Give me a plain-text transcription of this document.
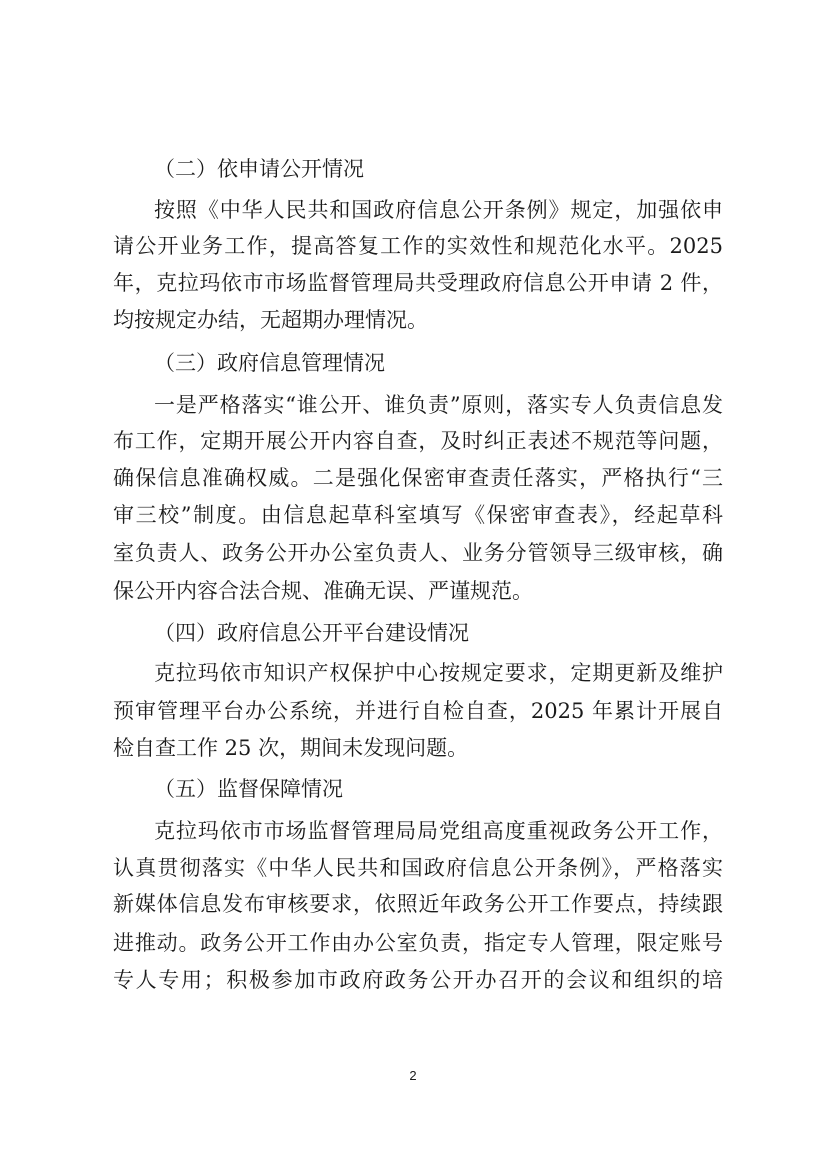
（二）依申请公开情况
按照《中华人民共和国政府信息公开条例》规定，加强依申
请公开业务工作，提高答复工作的实效性和规范化水平。2025
年，克拉玛依市市场监督管理局共受理政府信息公开申请 2 件，
均按规定办结，无超期办理情况。
（三）政府信息管理情况
一是严格落实“谁公开、谁负责”原则，落实专人负责信息发
布工作，定期开展公开内容自查，及时纠正表述不规范等问题，
确保信息准确权威。二是强化保密审查责任落实，严格执行“三
审三校”制度。由信息起草科室填写《保密审查表》，经起草科
室负责人、政务公开办公室负责人、业务分管领导三级审核，确
保公开内容合法合规、准确无误、严谨规范。
（四）政府信息公开平台建设情况
克拉玛依市知识产权保护中心按规定要求，定期更新及维护
预审管理平台办公系统，并进行自检自查，2025 年累计开展自
检自查工作 25 次，期间未发现问题。
（五）监督保障情况
克拉玛依市市场监督管理局局党组高度重视政务公开工作，
认真贯彻落实《中华人民共和国政府信息公开条例》，严格落实
新媒体信息发布审核要求，依照近年政务公开工作要点，持续跟
进推动。政务公开工作由办公室负责，指定专人管理，限定账号
专人专用；积极参加市政府政务公开办召开的会议和组织的培
2
